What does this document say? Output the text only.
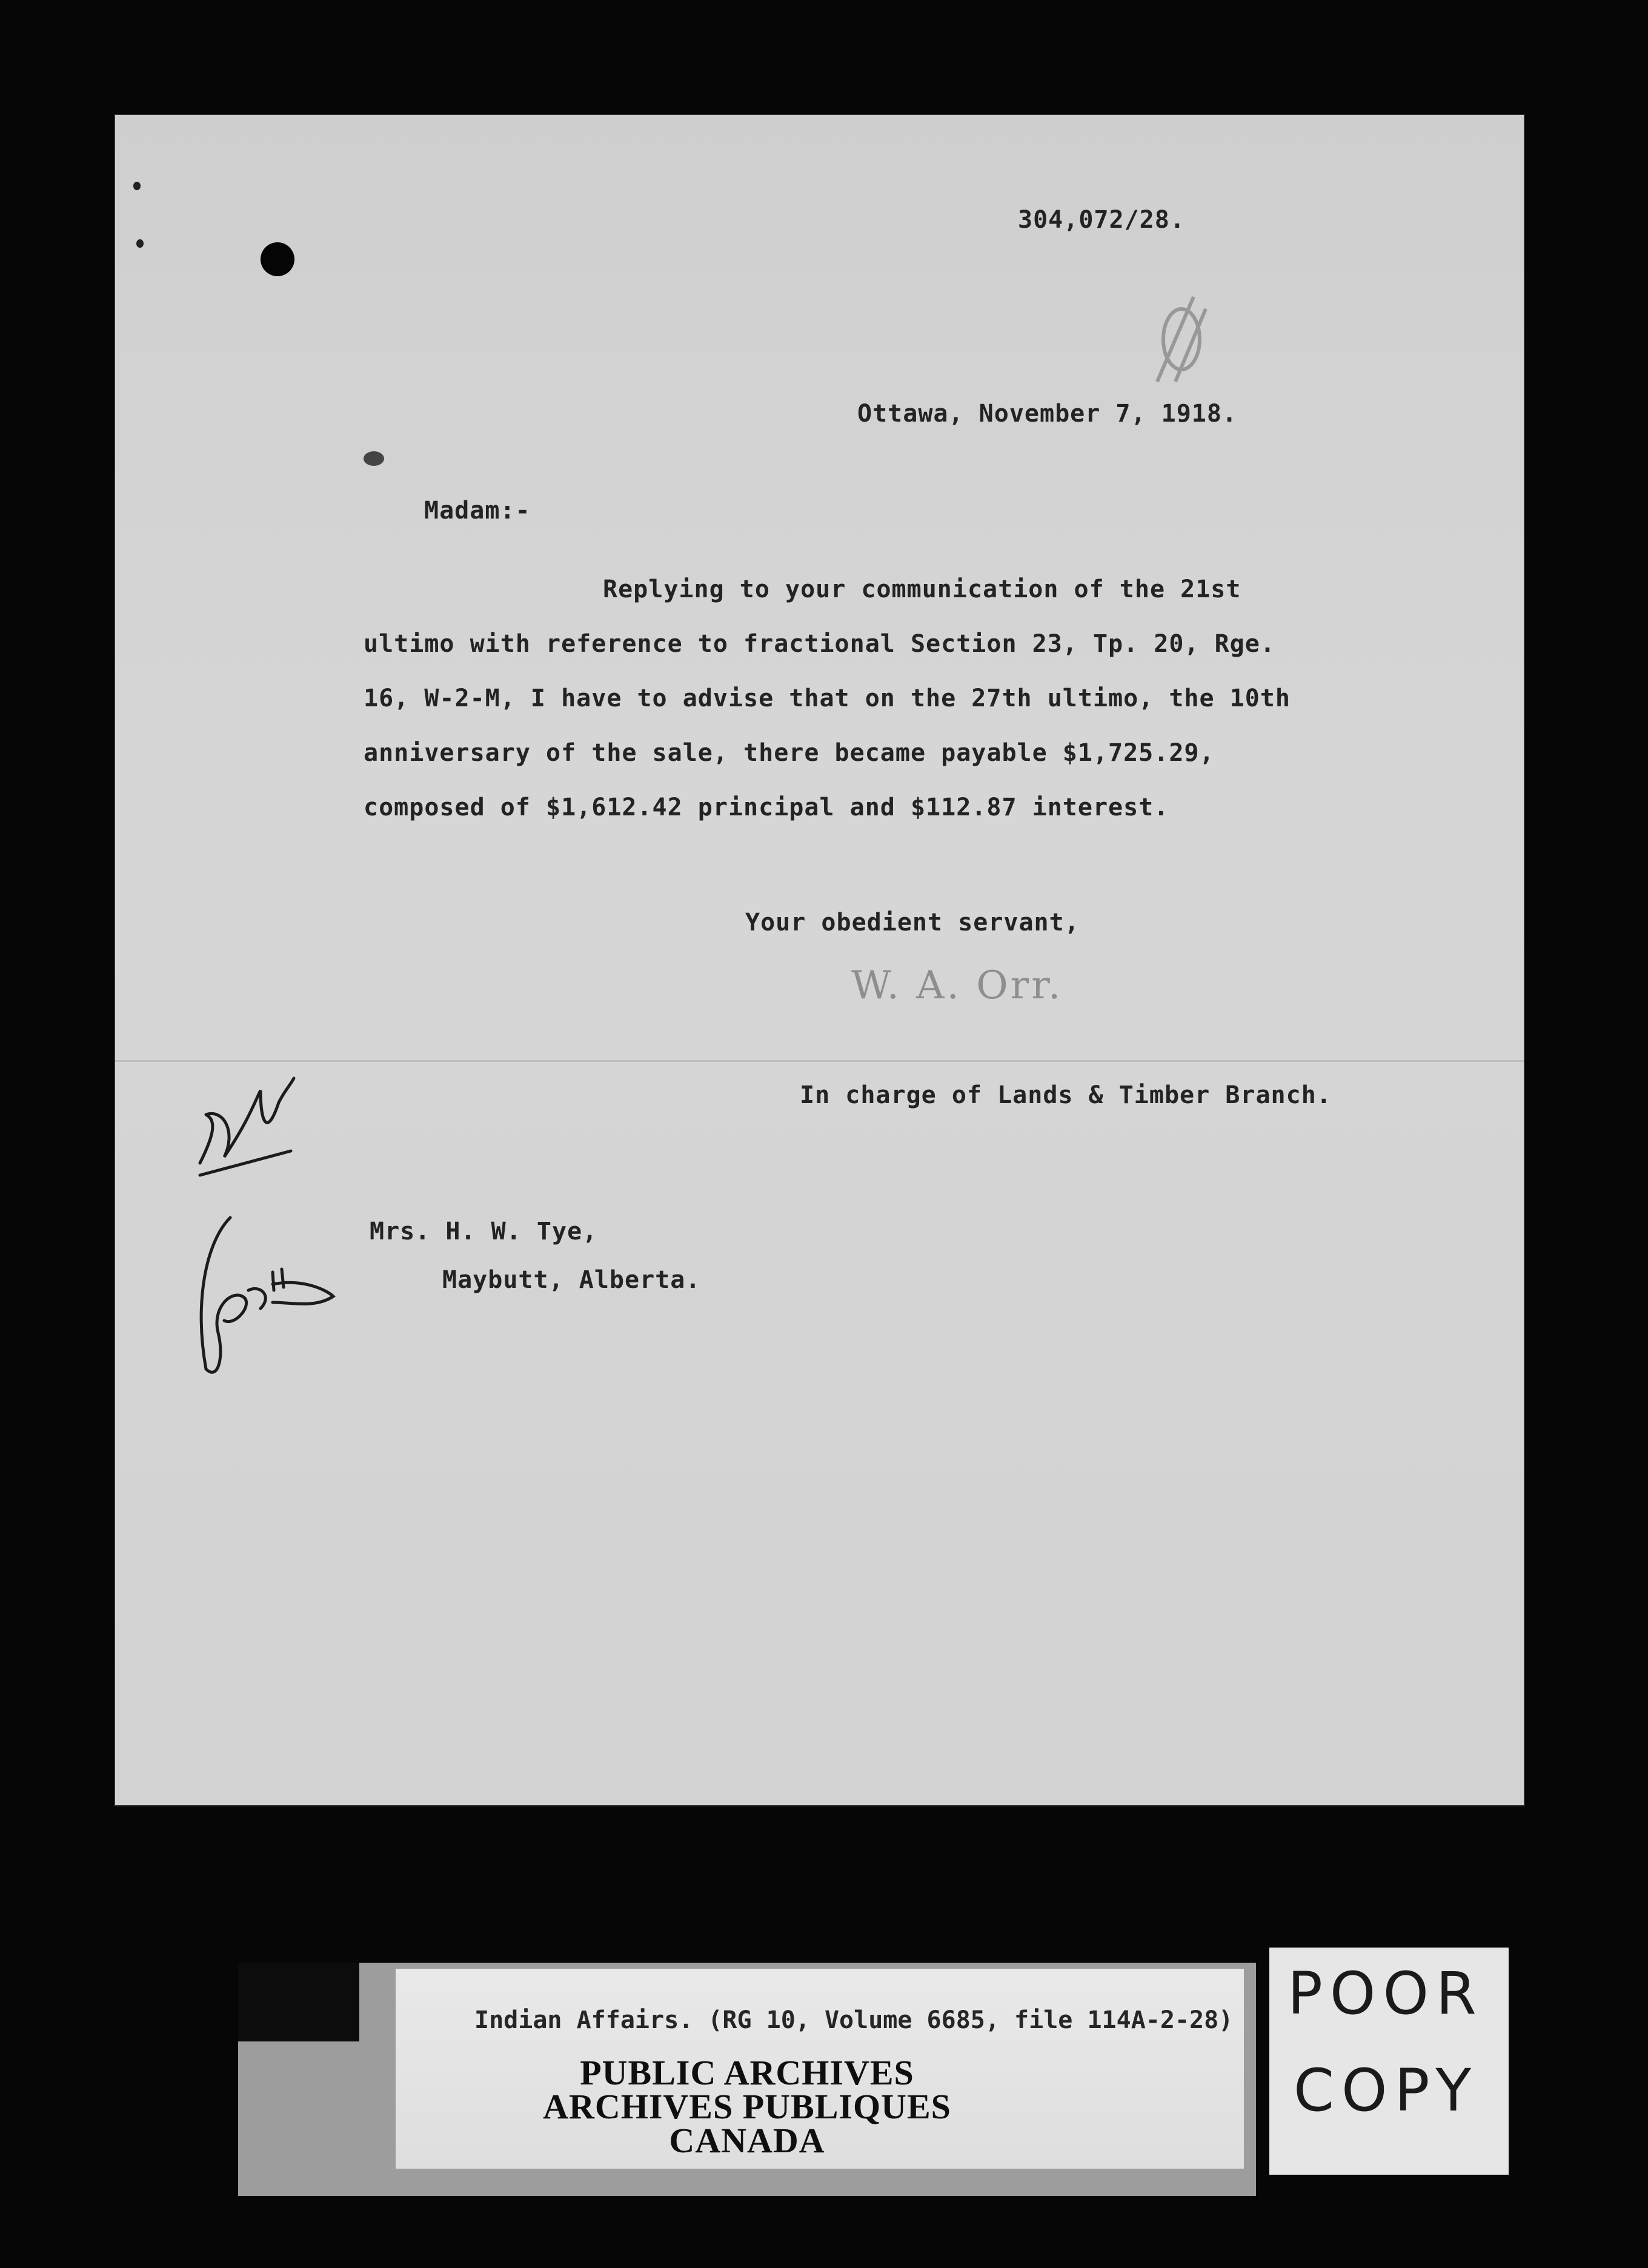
304,072/28.
Ottawa, November 7, 1918.
Madam:-
Replying to your communication of the 21st
ultimo with reference to fractional Section 23, Tp. 20, Rge.
16, W-2-M, I have to advise that on the 27th ultimo, the 10th
anniversary of the sale, there became payable $1,725.29,
composed of $1,612.42 principal and $112.87 interest.
Your obedient servant,
W. A. Orr.
In charge of Lands & Timber Branch.
Mrs. H. W. Tye,
Maybutt, Alberta.
Indian Affairs. (RG 10, Volume 6685, file 114A-2-28)
PUBLIC ARCHIVES
ARCHIVES PUBLIQUES
CANADA
POOR
COPY
